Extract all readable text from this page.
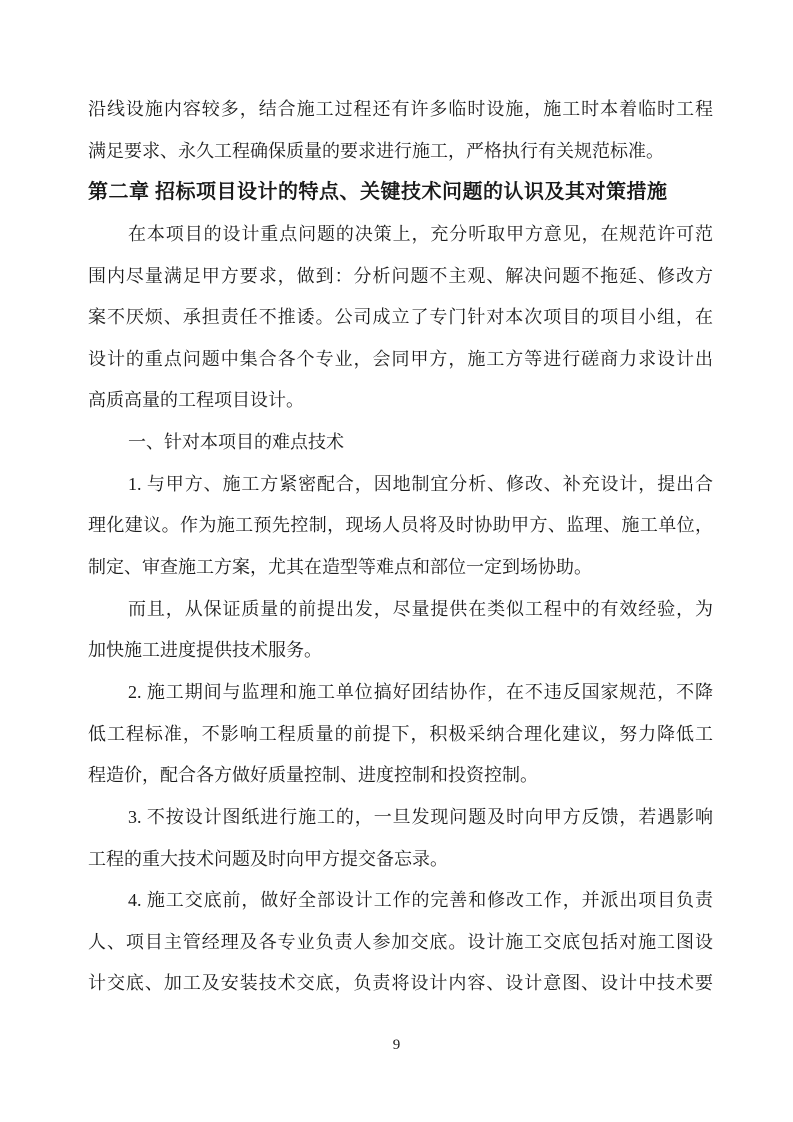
沿线设施内容较多，结合施工过程还有许多临时设施，施工时本着临时工程
满足要求、永久工程确保质量的要求进行施工，严格执行有关规范标准。
第二章 招标项目设计的特点、关键技术问题的认识及其对策措施
在本项目的设计重点问题的决策上，充分听取甲方意见，在规范许可范
围内尽量满足甲方要求，做到：分析问题不主观、解决问题不拖延、修改方
案不厌烦、承担责任不推诿。公司成立了专门针对本次项目的项目小组，在
设计的重点问题中集合各个专业，会同甲方，施工方等进行磋商力求设计出
高质高量的工程项目设计。
一、针对本项目的难点技术
1. 与甲方、施工方紧密配合，因地制宜分析、修改、补充设计，提出合
理化建议。作为施工预先控制，现场人员将及时协助甲方、监理、施工单位，
制定、审查施工方案，尤其在造型等难点和部位一定到场协助。
而且，从保证质量的前提出发，尽量提供在类似工程中的有效经验，为
加快施工进度提供技术服务。
2. 施工期间与监理和施工单位搞好团结协作，在不违反国家规范，不降
低工程标准，不影响工程质量的前提下，积极采纳合理化建议，努力降低工
程造价，配合各方做好质量控制、进度控制和投资控制。
3. 不按设计图纸进行施工的，一旦发现问题及时向甲方反馈，若遇影响
工程的重大技术问题及时向甲方提交备忘录。
4. 施工交底前，做好全部设计工作的完善和修改工作，并派出项目负责
人、项目主管经理及各专业负责人参加交底。设计施工交底包括对施工图设
计交底、加工及安装技术交底，负责将设计内容、设计意图、设计中技术要
9
